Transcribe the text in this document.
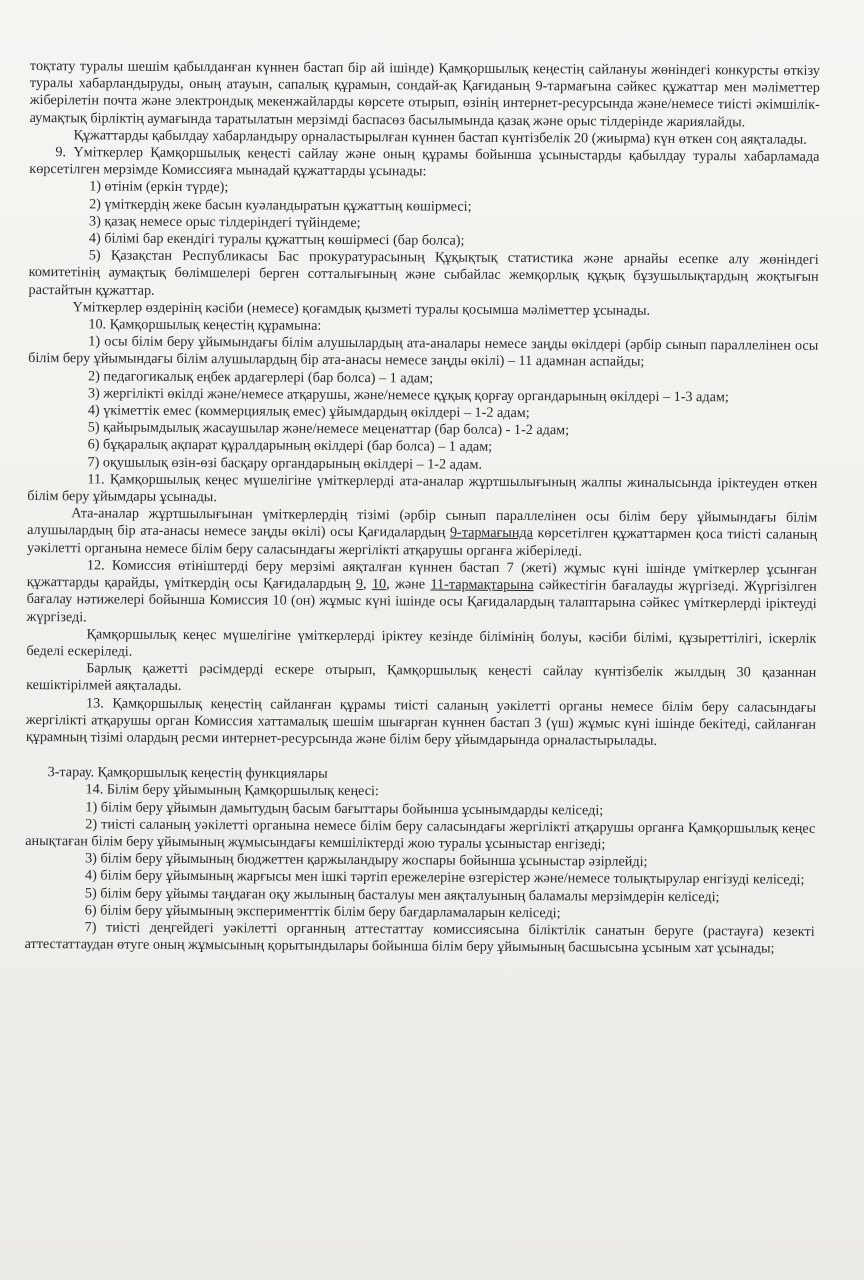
тоқтату туралы шешім қабылданған күннен бастап бір ай ішінде) Қамқоршылық кеңестің сайлануы жөніндегі конкурсты өткізу туралы хабарландыруды, оның атауын, сапалық құрамын, сондай-ақ Қағиданың 9-тармағына сәйкес құжаттар мен мәліметтер жіберілетін почта және электрондық мекенжайларды көрсете отырып, өзінің интернет-ресурсында және/немесе тиісті әкімшілік-аумақтық бірліктің аумағында таратылатын мерзімді баспасөз басылымында қазақ және орыс тілдерінде жариялайды.

Құжаттарды қабылдау хабарландыру орналастырылған күннен бастап күнтізбелік 20 (жиырма) күн өткен соң аяқталады.

9. Үміткерлер Қамқоршылық кеңесті сайлау және оның құрамы бойынша ұсыныстарды қабылдау туралы хабарламада көрсетілген мерзімде Комиссияға мынадай құжаттарды ұсынады:

1) өтінім (еркін түрде);

2) үміткердің жеке басын куәландыратын құжаттың көшірмесі;

3) қазақ немесе орыс тілдеріндегі түйіндеме;

4) білімі бар екендігі туралы құжаттың көшірмесі (бар болса);

5) Қазақстан Республикасы Бас прокуратурасының Құқықтық статистика және арнайы есепке алу жөніндегі комитетінің аумақтық бөлімшелері берген сотталығының және сыбайлас жемқорлық құқық бұзушылықтардың жоқтығын растайтын құжаттар.

Үміткерлер өздерінің кәсіби (немесе) қоғамдық қызметі туралы қосымша мәліметтер ұсынады.

10. Қамқоршылық кеңестің құрамына:

1) осы білім беру ұйымындағы білім алушылардың ата-аналары немесе заңды өкілдері (әрбір сынып параллелінен осы білім беру ұйымындағы білім алушылардың бір ата-анасы немесе заңды өкілі) – 11 адамнан аспайды;

2) педагогикалық еңбек ардагерлері (бар болса) – 1 адам;

3) жергілікті өкілді және/немесе атқарушы, және/немесе құқық қорғау органдарының өкілдері – 1-3 адам;

4) үкіметтік емес (коммерциялық емес) ұйымдардың өкілдері – 1-2 адам;

5) қайырымдылық жасаушылар және/немесе меценаттар (бар болса) - 1-2 адам;

6) бұқаралық ақпарат құралдарының өкілдері (бар болса) – 1 адам;

7) оқушылық өзін-өзі басқару органдарының өкілдері – 1-2 адам.

11. Қамқоршылық кеңес мүшелігіне үміткерлерді ата-аналар жұртшылығының жалпы жиналысында іріктеуден өткен білім беру ұйымдары ұсынады.

Ата-аналар жұртшылығынан үміткерлердің тізімі (әрбір сынып параллелінен осы білім беру ұйымындағы білім алушылардың бір ата-анасы немесе заңды өкілі) осы Қағидалардың 9-тармағында көрсетілген құжаттармен қоса тиісті саланың уәкілетті органына немесе білім беру саласындағы жергілікті атқарушы органға жіберіледі.

12. Комиссия өтініштерді беру мерзімі аяқталған күннен бастап 7 (жеті) жұмыс күні ішінде үміткерлер ұсынған құжаттарды қарайды, үміткердің осы Қағидалардың 9, 10, және 11-тармақтарына сәйкестігін бағалауды жүргізеді. Жүргізілген бағалау нәтижелері бойынша Комиссия 10 (он) жұмыс күні ішінде осы Қағидалардың талаптарына сәйкес үміткерлерді іріктеуді жүргізеді.

Қамқоршылық кеңес мүшелігіне үміткерлерді іріктеу кезінде білімінің болуы, кәсіби білімі, құзыреттілігі, іскерлік беделі ескеріледі.

Барлық қажетті рәсімдерді ескере отырып, Қамқоршылық кеңесті сайлау күнтізбелік жылдың 30 қазаннан кешіктірілмей аяқталады.

13. Қамқоршылық кеңестің сайланған құрамы тиісті саланың уәкілетті органы немесе білім беру саласындағы жергілікті атқарушы орган Комиссия хаттамалық шешім шығарған күннен бастап 3 (үш) жұмыс күні ішінде бекітеді, сайланған құрамның тізімі олардың ресми интернет-ресурсында және білім беру ұйымдарында орналастырылады.

3-тарау. Қамқоршылық кеңестің функциялары

14. Білім беру ұйымының Қамқоршылық кеңесі:

1) білім беру ұйымын дамытудың басым бағыттары бойынша ұсынымдарды келіседі;

2) тиісті саланың уәкілетті органына немесе білім беру саласындағы жергілікті атқарушы органға Қамқоршылық кеңес анықтаған білім беру ұйымының жұмысындағы кемшіліктерді жою туралы ұсыныстар енгізеді;

3) білім беру ұйымының бюджеттен қаржыландыру жоспары бойынша ұсыныстар әзірлейді;

4) білім беру ұйымының жарғысы мен ішкі тәртіп ережелеріне өзгерістер және/немесе толықтырулар енгізуді келіседі;

5) білім беру ұйымы таңдаған оқу жылының басталуы мен аяқталуының баламалы мерзімдерін келіседі;

6) білім беру ұйымының эксперименттік білім беру бағдарламаларын келіседі;

7) тиісті деңгейдегі уәкілетті органның аттестаттау комиссиясына біліктілік санатын беруге (растауға) кезекті аттестаттаудан өтуге оның жұмысының қорытындылары бойынша білім беру ұйымының басшысына ұсыным хат ұсынады;
